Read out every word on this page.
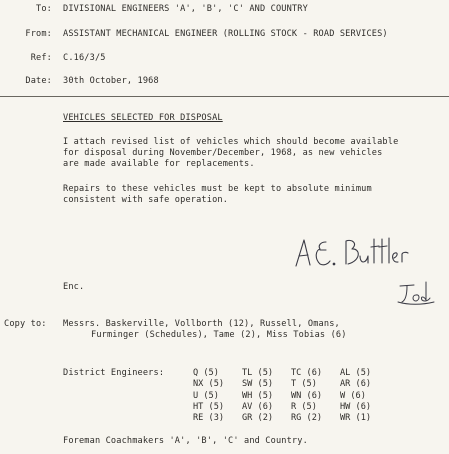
To: DIVISIONAL ENGINEERS 'A', 'B', 'C' AND COUNTRY
From: ASSISTANT MECHANICAL ENGINEER (ROLLING STOCK - ROAD SERVICES)
Ref: C.16/3/5
Date: 30th October, 1968
VEHICLES SELECTED FOR DISPOSAL
I attach revised list of vehicles which should become available
for disposal during November/December, 1968, as new vehicles
are made available for replacements.
Repairs to these vehicles must be kept to absolute minimum
consistent with safe operation.
Enc.
Copy to: Messrs. Baskerville, Vollborth (12), Russell, Omans,
Furminger (Schedules), Tame (2), Miss Tobias (6)
District Engineers:	Q (5)	TL (5)	TC (6)	AL (5)
NX (5)	SW (5)	T (5)	AR (6)
U (5)	WH (5)	WN (6)	W (6)
HT (5)	AV (6)	R (5)	HW (6)
RE (3)	GR (2)	RG (2)	WR (1)
Foreman Coachmakers 'A', 'B', 'C' and Country.
